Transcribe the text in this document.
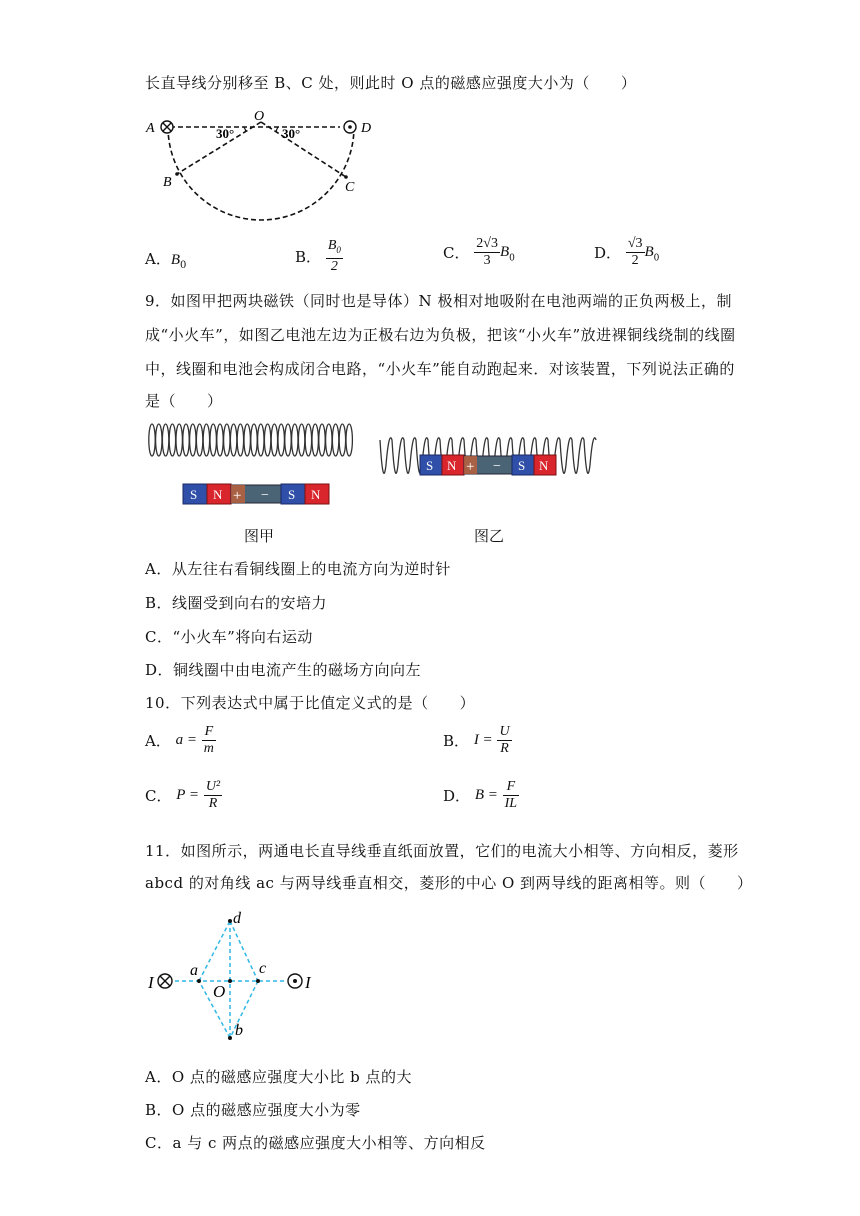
长直导线分别移至 B、C 处，则此时 O 点的磁感应强度大小为（　　）
A	D
O
B	C
30°	30°
A．$B_0$	B． $\frac{B_0}{2}$	C． $\frac{2√3}{3} B_0$	D． $\frac{√3}{2} B_0$
9．如图甲把两块磁铁（同时也是导体）N 极相对地吸附在电池两端的正负两极上，制
成“小火车”，如图乙电池左边为正极右边为负极，把该“小火车”放进裸铜线绕制的线圈
中，线圈和电池会构成闭合电路，“小火车”能自动跑起来．对该装置，下列说法正确的
是（　　）
S N + − S N
图甲
S N + − S N
图乙
A．从左往右看铜线圈上的电流方向为逆时针
B．线圈受到向右的安培力
C．“小火车”将向右运动
D．铜线圈中由电流产生的磁场方向向左
10．下列表达式中属于比值定义式的是（　　）
A． $a = \frac{F}{m}$	B． $I = \frac{U}{R}$
C． $P = \frac{\text{U²}}{R}$	D． $B = \frac{F}{IL}$
11．如图所示，两通电长直导线垂直纸面放置，它们的电流大小相等、方向相反，菱形
abcd 的对角线 ac 与两导线垂直相交，菱形的中心 O 到两导线的距离相等。则（　　）
I	I
a	c
d
b
O
A．O 点的磁感应强度大小比 b 点的大
B．O 点的磁感应强度大小为零
C．a 与 c 两点的磁感应强度大小相等、方向相反
